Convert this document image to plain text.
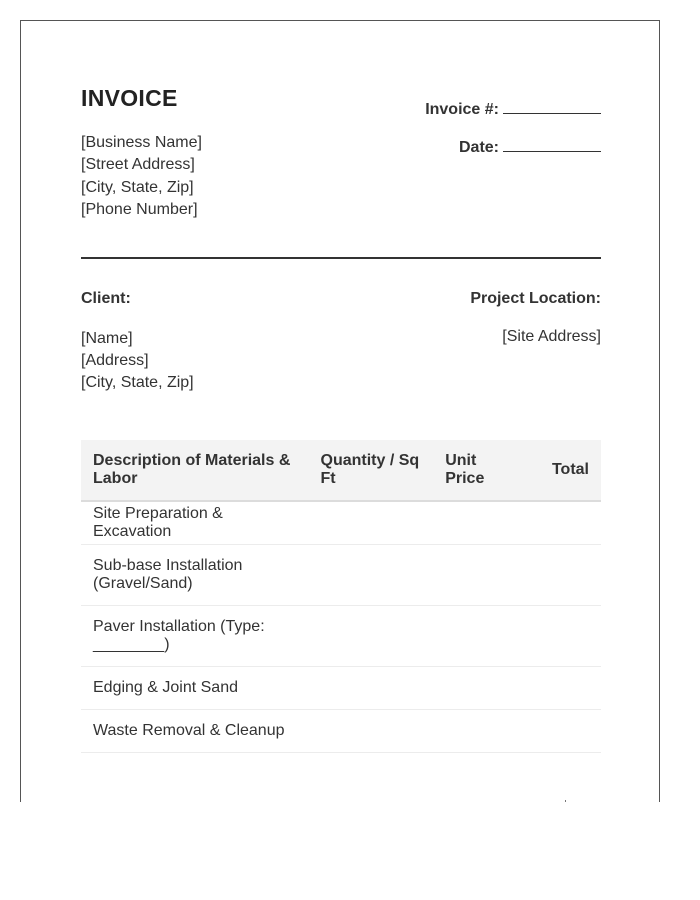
INVOICE
[Business Name]
[Street Address]
[City, State, Zip]
[Phone Number]
Invoice #:
Date:
Client:	Project Location:
[Name]
[Address]
[City, State, Zip]
[Site Address]
Description of Materials & Labor	Quantity / Sq Ft	Unit Price	Total
Site Preparation & Excavation			
Sub-base Installation (Gravel/Sand)			
Paver Installation (Type: ________)			
Edging & Joint Sand			
Waste Removal & Cleanup			
